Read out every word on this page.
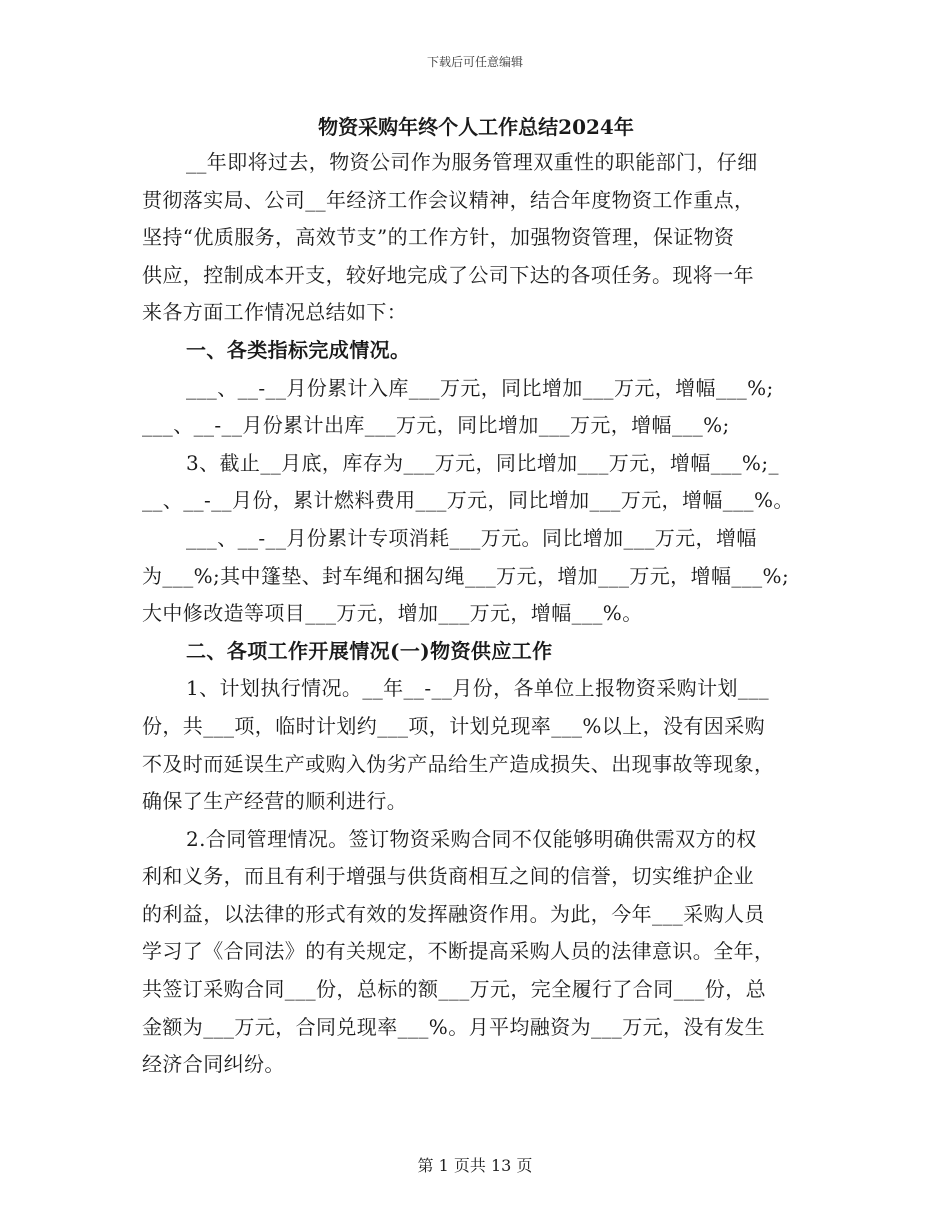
下载后可任意编辑
物资采购年终个人工作总结2024年
__年即将过去，物资公司作为服务管理双重性的职能部门，仔细
贯彻落实局、公司__年经济工作会议精神，结合年度物资工作重点，
坚持“优质服务，高效节支”的工作方针，加强物资管理，保证物资
供应，控制成本开支，较好地完成了公司下达的各项任务。现将一年
来各方面工作情况总结如下：
一、各类指标完成情况。
___、__-__月份累计入库___万元，同比增加___万元，增幅___%;
___、__-__月份累计出库___万元，同比增加___万元，增幅___%;
3、截止__月底，库存为___万元，同比增加___万元，增幅___%;_
__、__-__月份，累计燃料费用___万元，同比增加___万元，增幅___%。
___、__-__月份累计专项消耗___万元。同比增加___万元，增幅
为___%;其中篷垫、封车绳和捆勾绳___万元，增加___万元，增幅___%;
大中修改造等项目___万元，增加___万元，增幅___%。
二、各项工作开展情况(一)物资供应工作
1、计划执行情况。__年__-__月份，各单位上报物资采购计划___
份，共___项，临时计划约___项，计划兑现率___%以上，没有因采购
不及时而延误生产或购入伪劣产品给生产造成损失、出现事故等现象，
确保了生产经营的顺利进行。
2.合同管理情况。签订物资采购合同不仅能够明确供需双方的权
利和义务，而且有利于增强与供货商相互之间的信誉，切实维护企业
的利益，以法律的形式有效的发挥融资作用。为此，今年___采购人员
学习了《合同法》的有关规定，不断提高采购人员的法律意识。全年，
共签订采购合同___份，总标的额___万元，完全履行了合同___份，总
金额为___万元，合同兑现率___%。月平均融资为___万元，没有发生
经济合同纠纷。
第 1 页共 13 页
